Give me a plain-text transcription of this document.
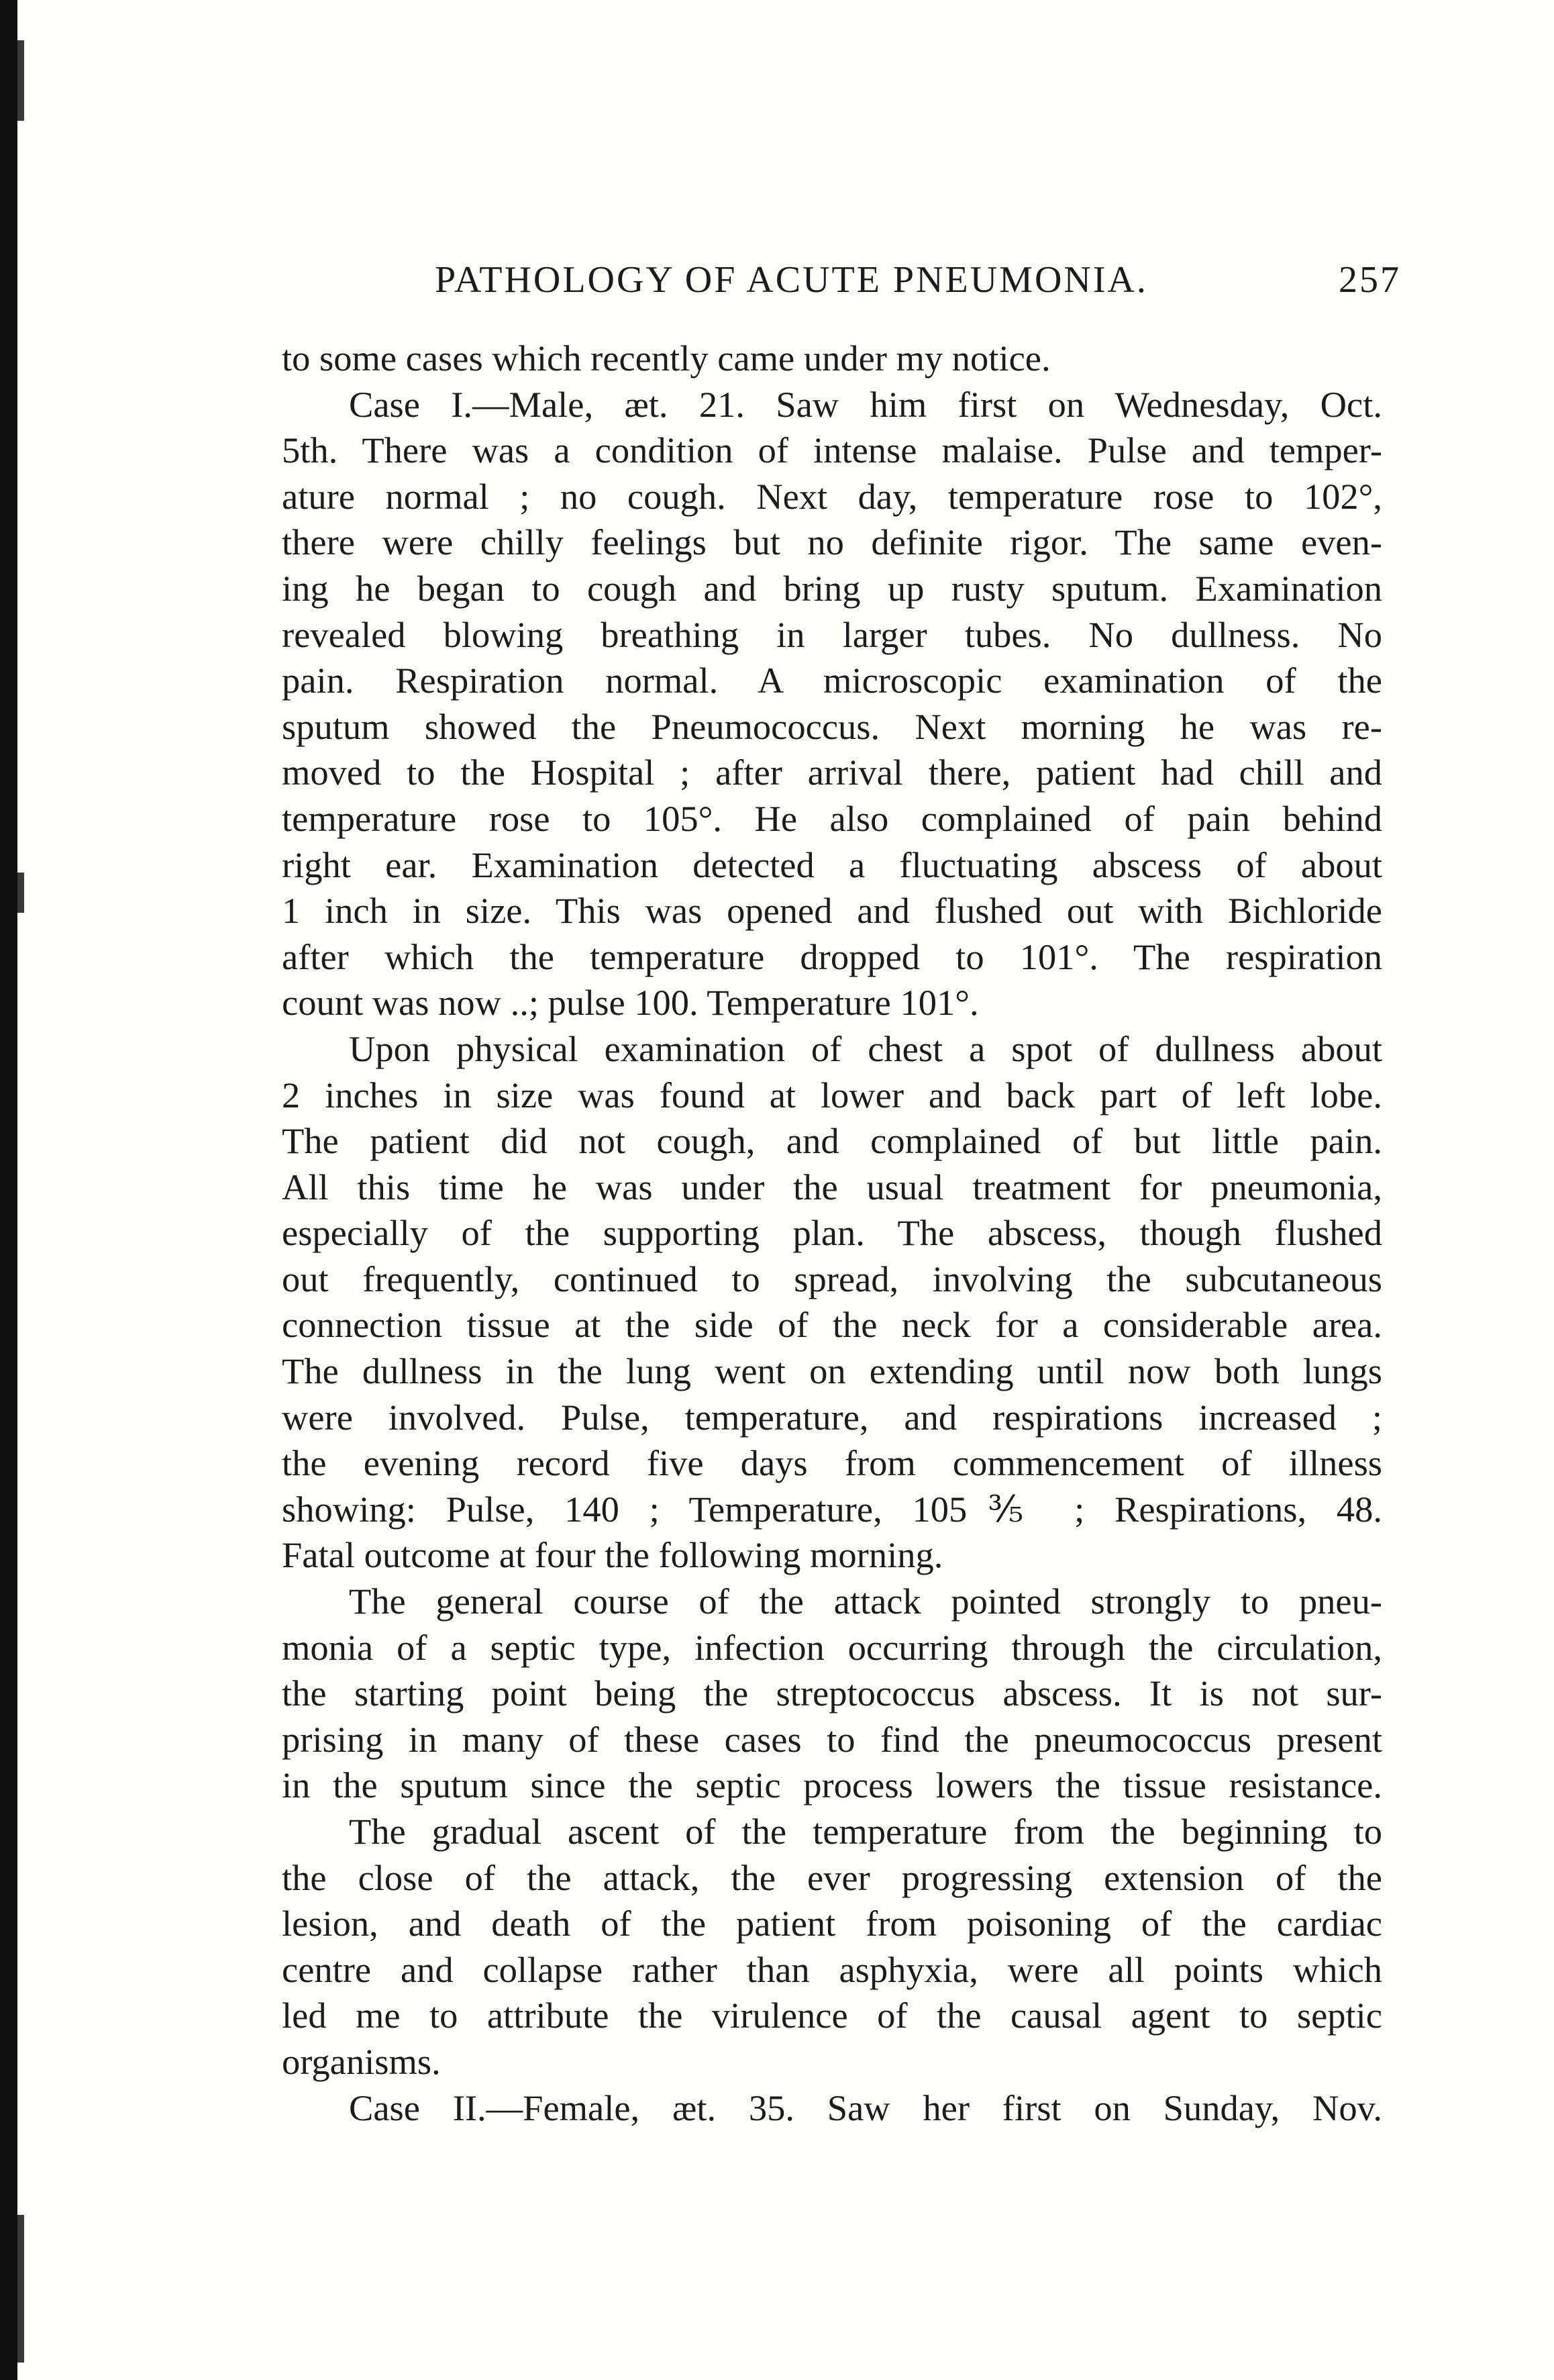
PATHOLOGY OF ACUTE PNEUMONIA.	257
to some cases which recently came under my notice.
Case I.—Male, æt. 21. Saw him first on Wednesday, Oct.
5th. There was a condition of intense malaise. Pulse and temper-
ature normal ; no cough. Next day, temperature rose to 102°,
there were chilly feelings but no definite rigor. The same even-
ing he began to cough and bring up rusty sputum. Examination
revealed blowing breathing in larger tubes. No dullness. No
pain. Respiration normal. A microscopic examination of the
sputum showed the Pneumococcus. Next morning he was re-
moved to the Hospital ; after arrival there, patient had chill and
temperature rose to 105°. He also complained of pain behind
right ear. Examination detected a fluctuating abscess of about
1 inch in size. This was opened and flushed out with Bichloride
after which the temperature dropped to 101°. The respiration
count was now ..; pulse 100. Temperature 101°.
Upon physical examination of chest a spot of dullness about
2 inches in size was found at lower and back part of left lobe.
The patient did not cough, and complained of but little pain.
All this time he was under the usual treatment for pneumonia,
especially of the supporting plan. The abscess, though flushed
out frequently, continued to spread, involving the subcutaneous
connection tissue at the side of the neck for a considerable area.
The dullness in the lung went on extending until now both lungs
were involved. Pulse, temperature, and respirations increased ;
the evening record five days from commencement of illness
showing: Pulse, 140 ; Temperature, 105⅗ ; Respirations, 48.
Fatal outcome at four the following morning.
The general course of the attack pointed strongly to pneu-
monia of a septic type, infection occurring through the circulation,
the starting point being the streptococcus abscess. It is not sur-
prising in many of these cases to find the pneumococcus present
in the sputum since the septic process lowers the tissue resistance.
The gradual ascent of the temperature from the beginning to
the close of the attack, the ever progressing extension of the
lesion, and death of the patient from poisoning of the cardiac
centre and collapse rather than asphyxia, were all points which
led me to attribute the virulence of the causal agent to septic
organisms.
Case II.—Female, æt. 35. Saw her first on Sunday, Nov.
